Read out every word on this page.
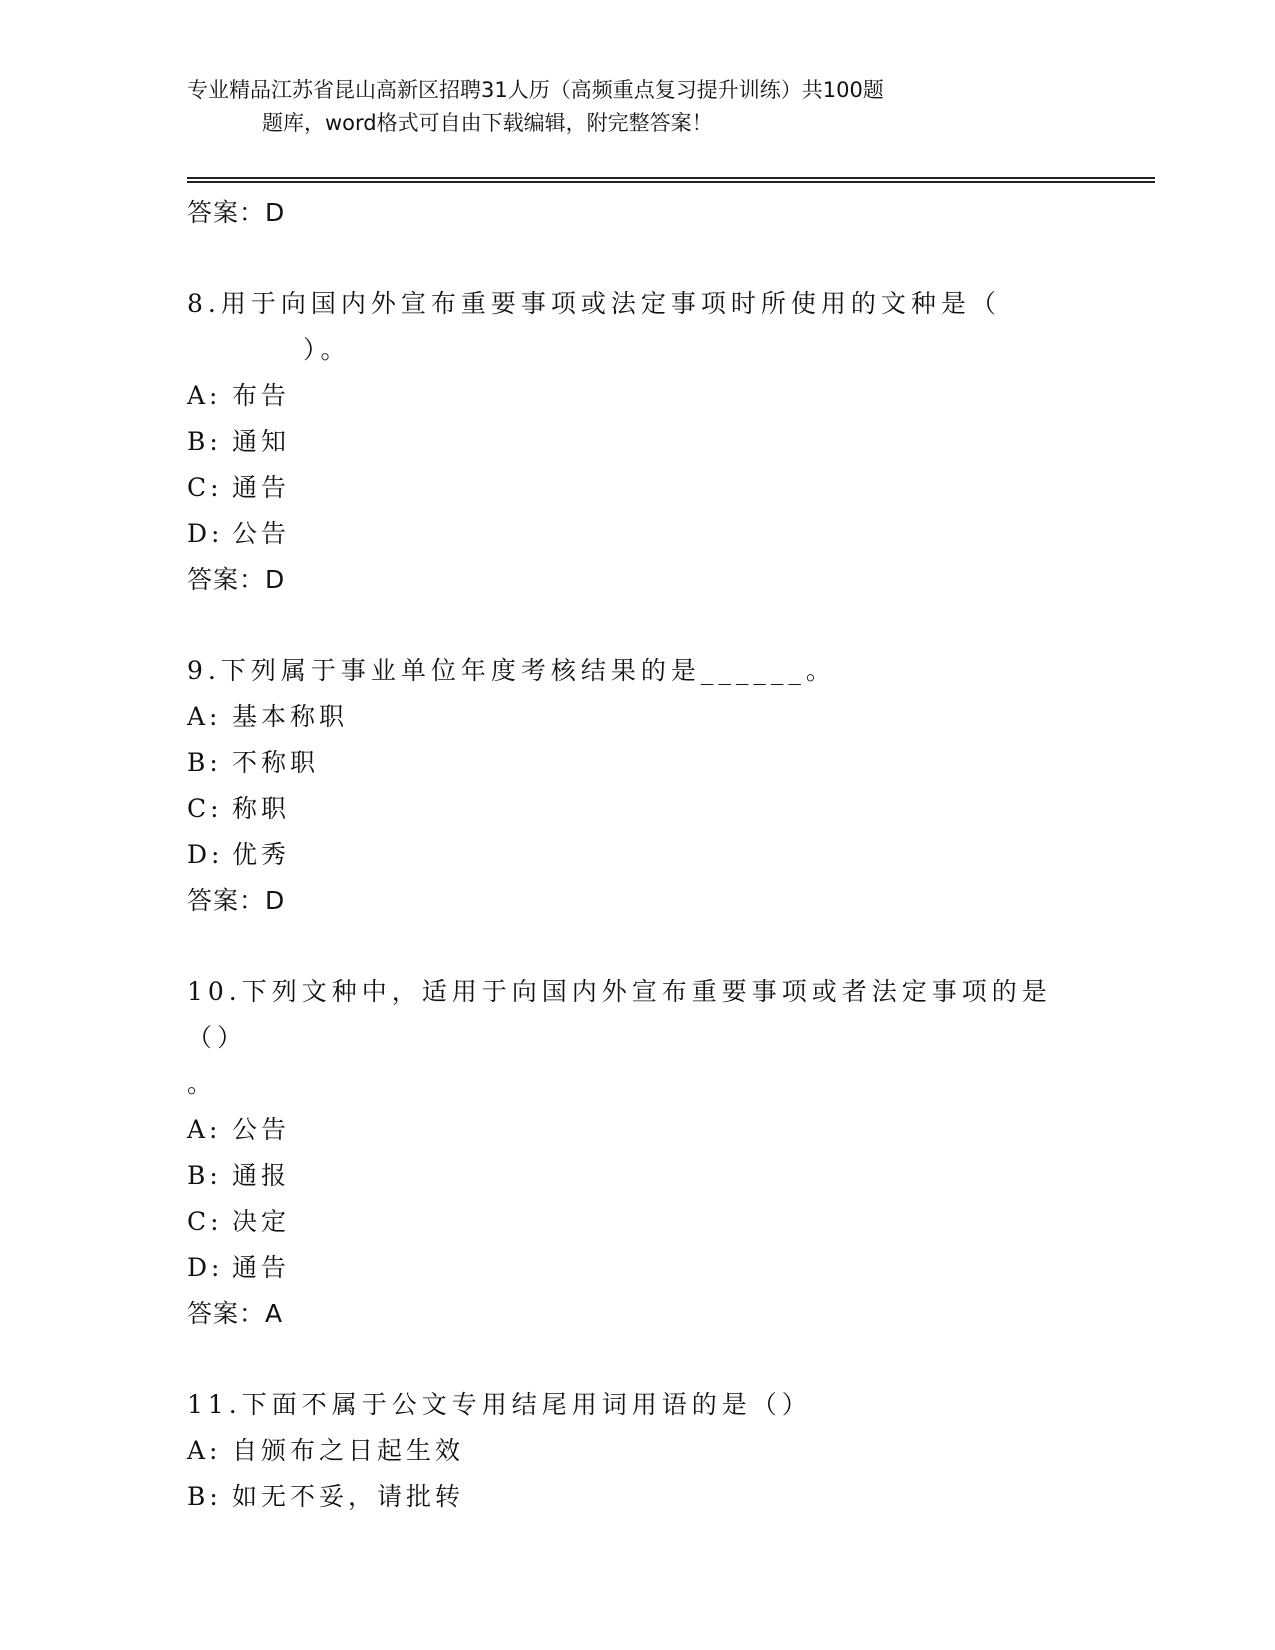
专业精品江苏省昆山高新区招聘31人历（高频重点复习提升训练）共100题
题库，word格式可自由下载编辑，附完整答案！
答案：D
8.用于向国内外宣布重要事项或法定事项时所使用的文种是（
）。
A: 布告
B: 通知
C: 通告
D: 公告
答案：D
9.下列属于事业单位年度考核结果的是______。
A: 基本称职
B: 不称职
C: 称职
D: 优秀
答案：D
10.下列文种中，适用于向国内外宣布重要事项或者法定事项的是（）
。
A: 公告
B: 通报
C: 决定
D: 通告
答案：A
11.下面不属于公文专用结尾用词用语的是（）
A: 自颁布之日起生效
B: 如无不妥，请批转
